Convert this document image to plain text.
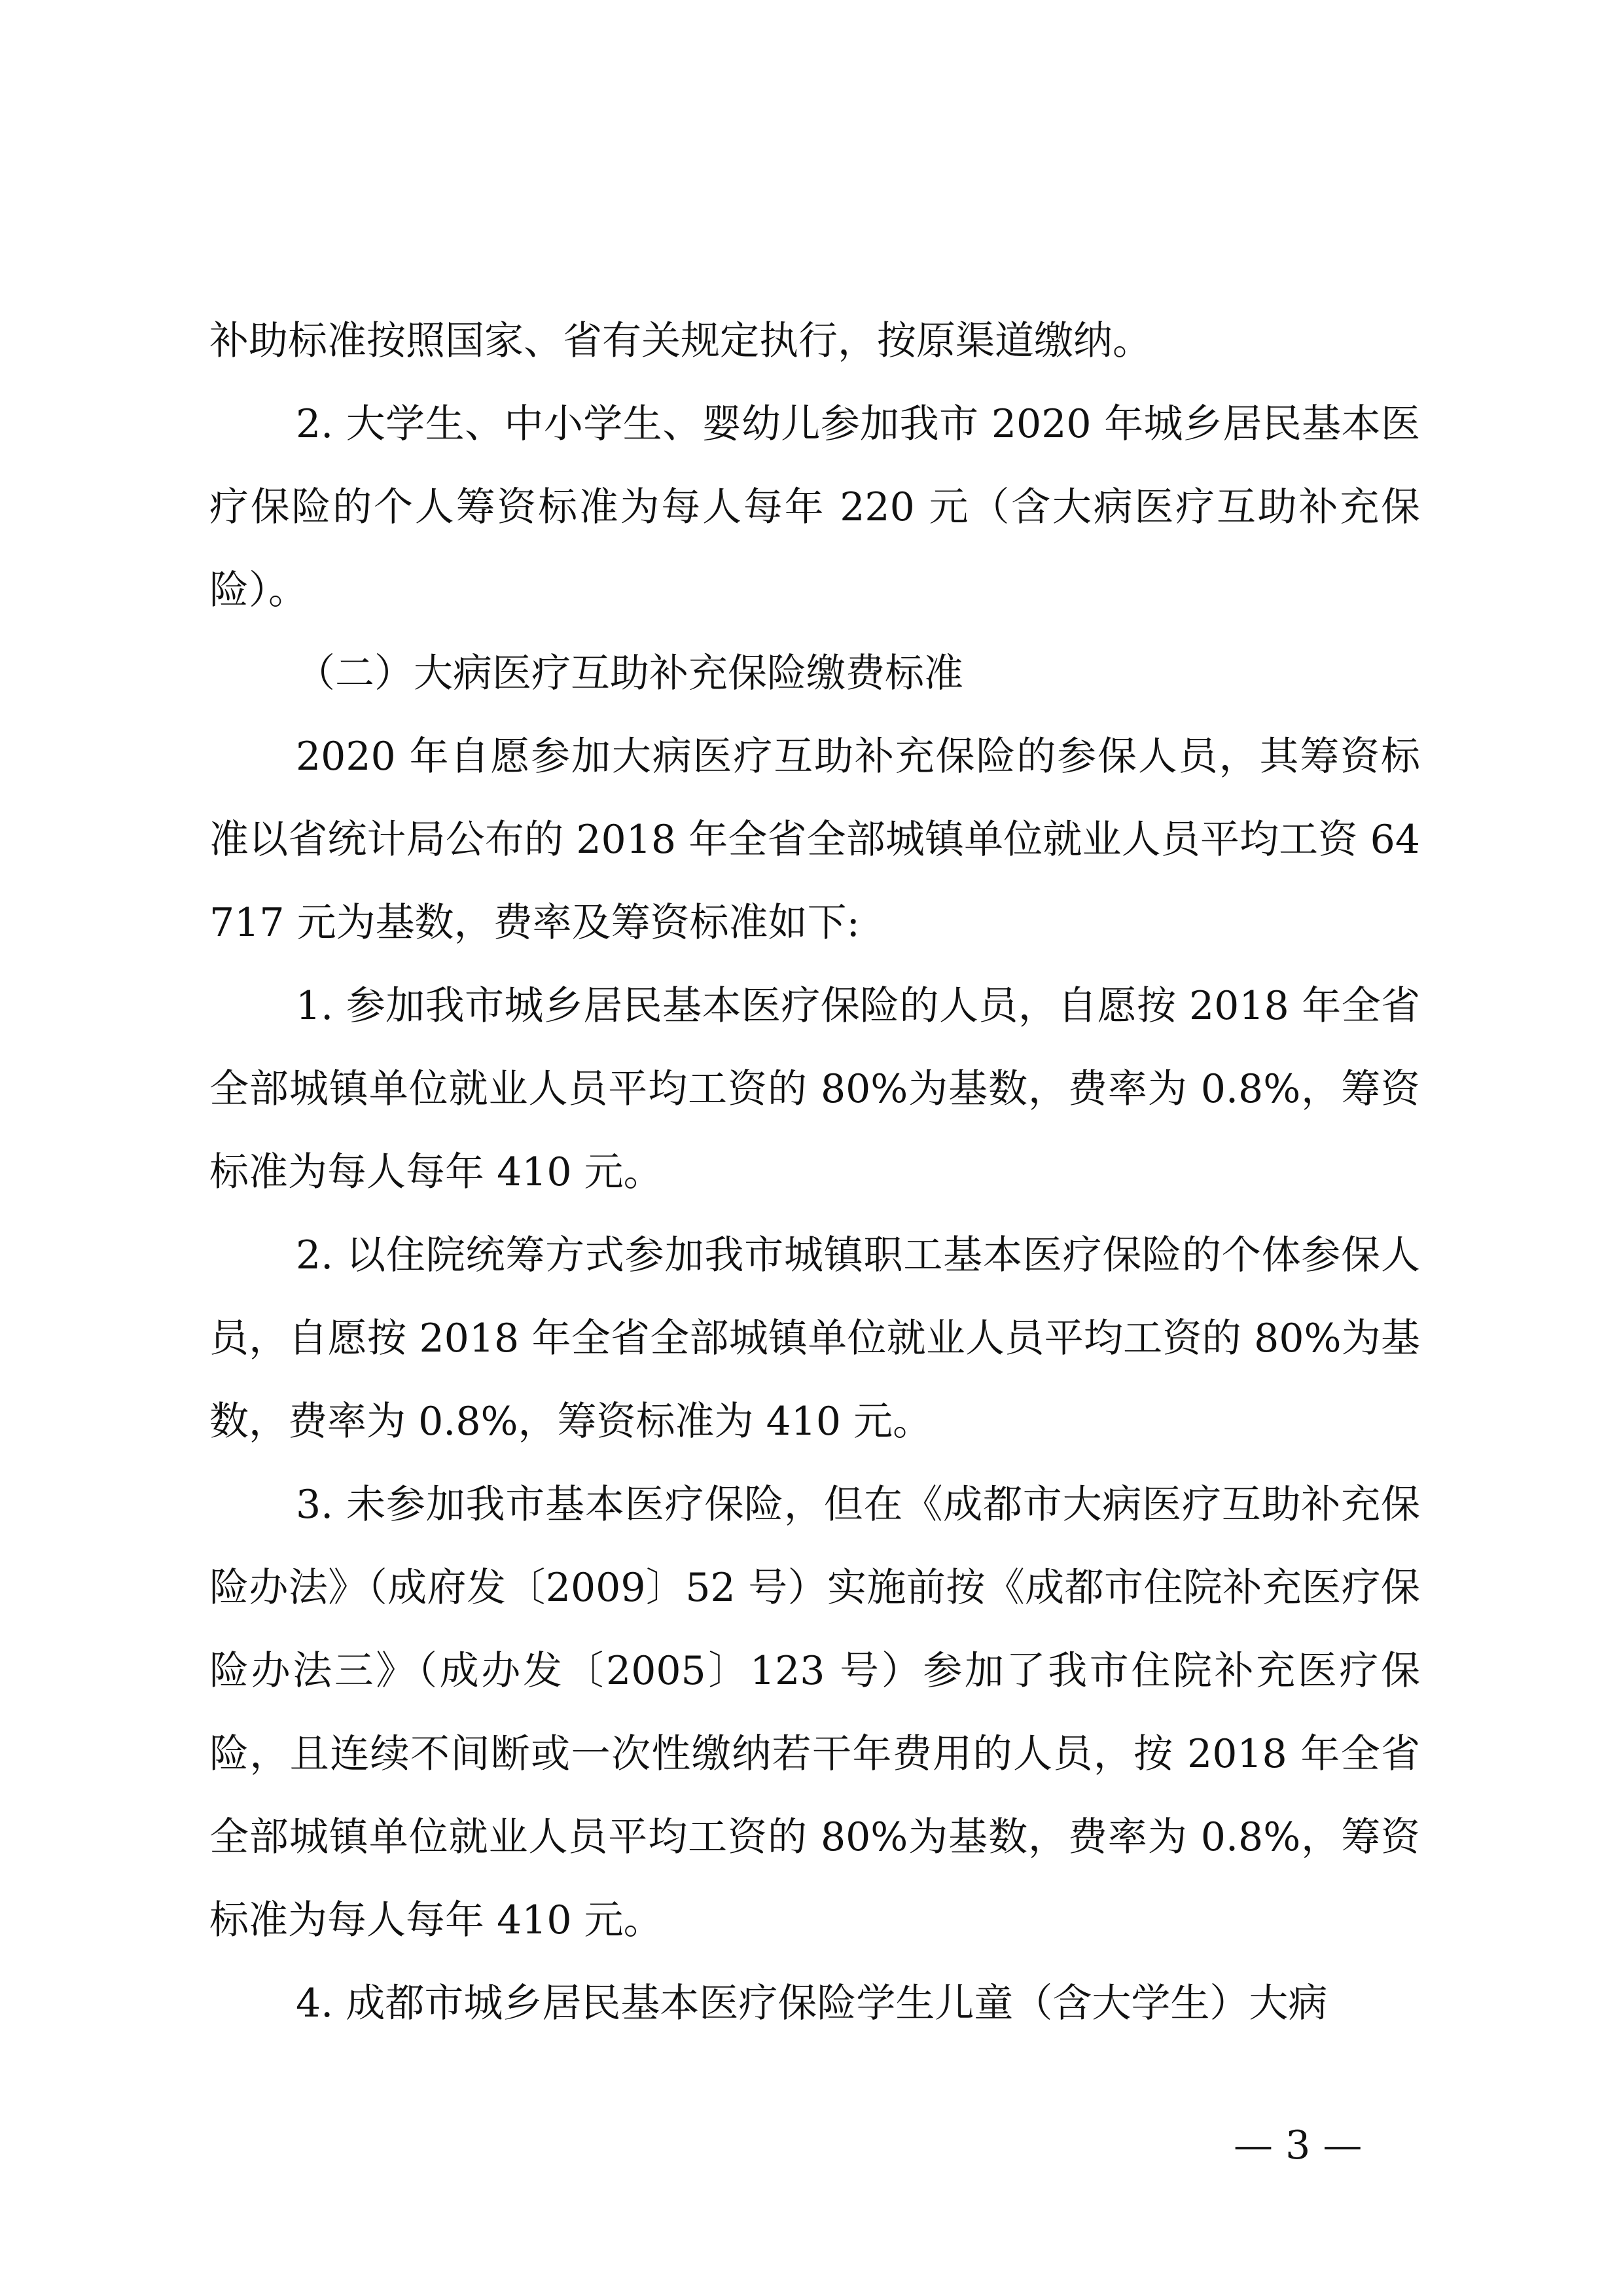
补助标准按照国家、省有关规定执行，按原渠道缴纳。

2. 大学生、中小学生、婴幼儿参加我市 2020 年城乡居民基本医疗保险的个人筹资标准为每人每年 220 元（含大病医疗互助补充保险）。

（二）大病医疗互助补充保险缴费标准

2020 年自愿参加大病医疗互助补充保险的参保人员，其筹资标准以省统计局公布的 2018 年全省全部城镇单位就业人员平均工资 64717 元为基数，费率及筹资标准如下:

1. 参加我市城乡居民基本医疗保险的人员，自愿按 2018 年全省全部城镇单位就业人员平均工资的 80%为基数，费率为 0.8%，筹资标准为每人每年 410 元。

2. 以住院统筹方式参加我市城镇职工基本医疗保险的个体参保人员，自愿按 2018 年全省全部城镇单位就业人员平均工资的 80%为基数，费率为 0.8%，筹资标准为 410 元。

3. 未参加我市基本医疗保险，但在《成都市大病医疗互助补充保险办法》（成府发〔2009〕52 号）实施前按《成都市住院补充医疗保险办法三》（成办发〔2005〕123 号）参加了我市住院补充医疗保险，且连续不间断或一次性缴纳若干年费用的人员，按 2018 年全省全部城镇单位就业人员平均工资的 80%为基数，费率为 0.8%，筹资标准为每人每年 410 元。

4. 成都市城乡居民基本医疗保险学生儿童（含大学生）大病

— 3 —
